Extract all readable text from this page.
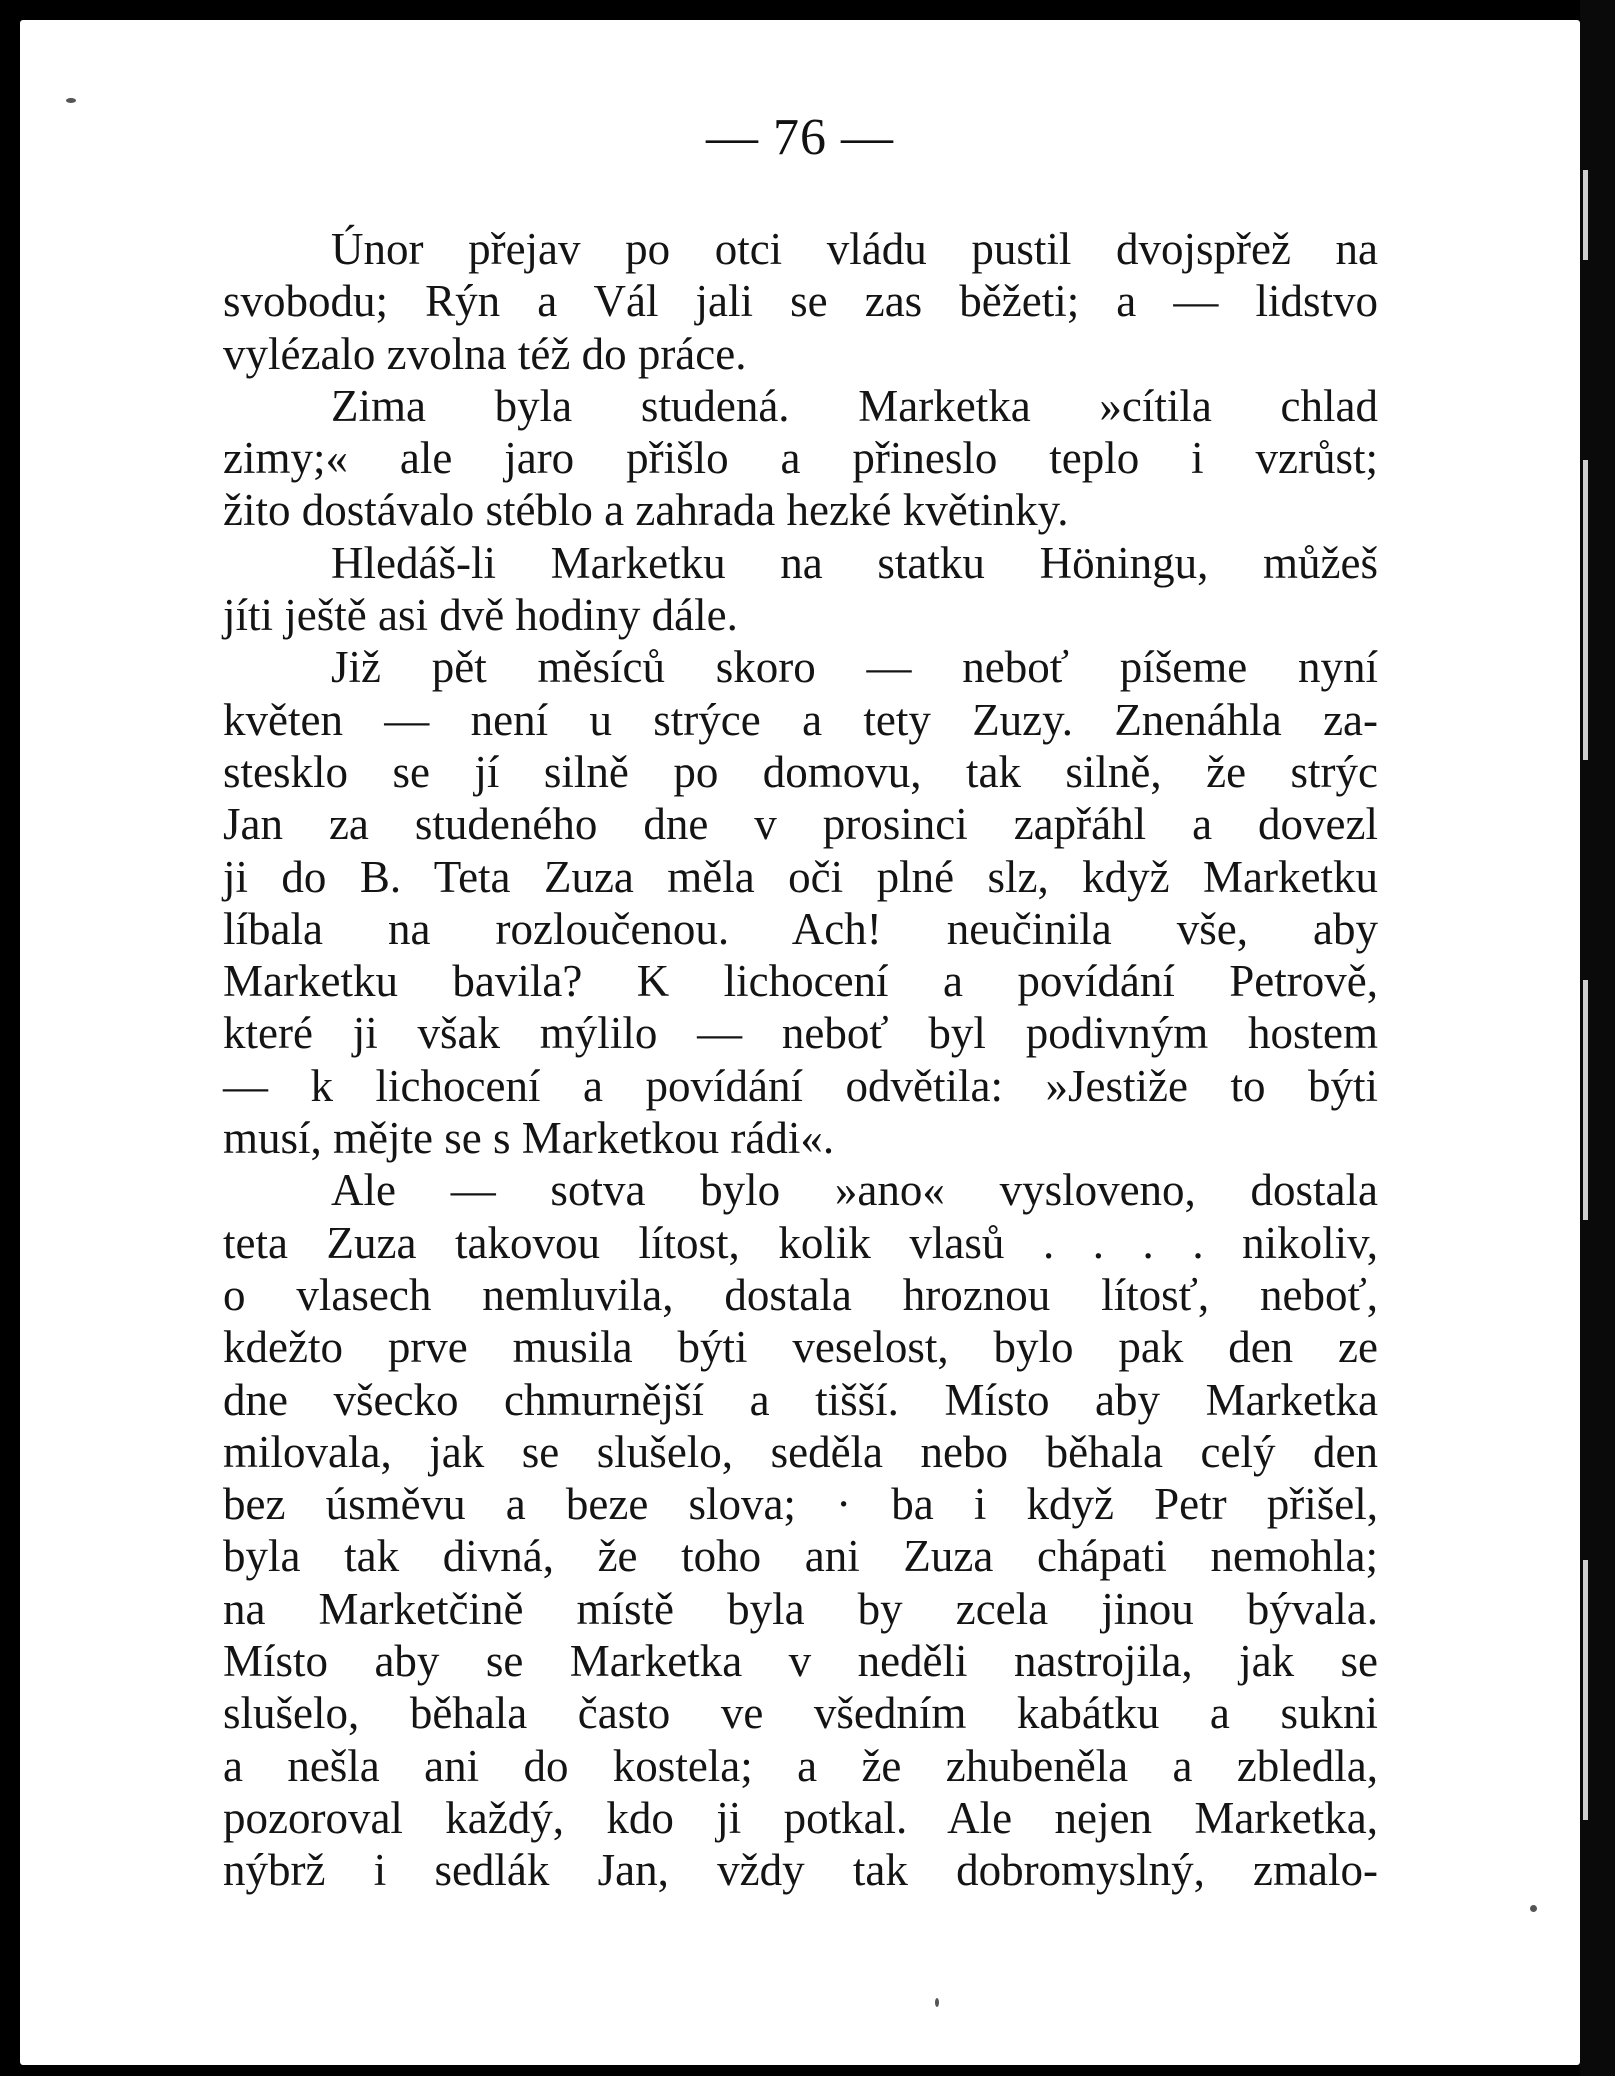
— 76 —
Únor přejav po otci vládu pustil dvojspřež na
svobodu; Rýn a Vál jali se zas běžeti; a — lidstvo
vylézalo zvolna též do práce.
Zima byla studená. Marketka »cítila chlad
zimy;« ale jaro přišlo a přineslo teplo i vzrůst;
žito dostávalo stéblo a zahrada hezké květinky.
Hledáš-li Marketku na statku Höningu, můžeš
jíti ještě asi dvě hodiny dále.
Již pět měsíců skoro — neboť píšeme nyní
květen — není u strýce a tety Zuzy. Znenáhla za-
stesklo se jí silně po domovu, tak silně, že strýc
Jan za studeného dne v prosinci zapřáhl a dovezl
ji do B. Teta Zuza měla oči plné slz, když Marketku
líbala na rozloučenou. Ach! neučinila vše, aby
Marketku bavila? K lichocení a povídání Petrově,
které ji však mýlilo — neboť byl podivným hostem
— k lichocení a povídání odvětila: »Jestiže to býti
musí, mějte se s Marketkou rádi«.
Ale — sotva bylo »ano« vysloveno, dostala
teta Zuza takovou lítost, kolik vlasů . . . . nikoliv,
o vlasech nemluvila, dostala hroznou lítosť, neboť,
kdežto prve musila býti veselost, bylo pak den ze
dne všecko chmurnější a tišší. Místo aby Marketka
milovala, jak se slušelo, seděla nebo běhala celý den
bez úsměvu a beze slova; · ba i když Petr přišel,
byla tak divná, že toho ani Zuza chápati nemohla;
na Marketčině místě byla by zcela jinou bývala.
Místo aby se Marketka v neděli nastrojila, jak se
slušelo, běhala často ve všedním kabátku a sukni
a nešla ani do kostela; a že zhubeněla a zbledla,
pozoroval každý, kdo ji potkal. Ale nejen Marketka,
nýbrž i sedlák Jan, vždy tak dobromyslný, zmalo-
